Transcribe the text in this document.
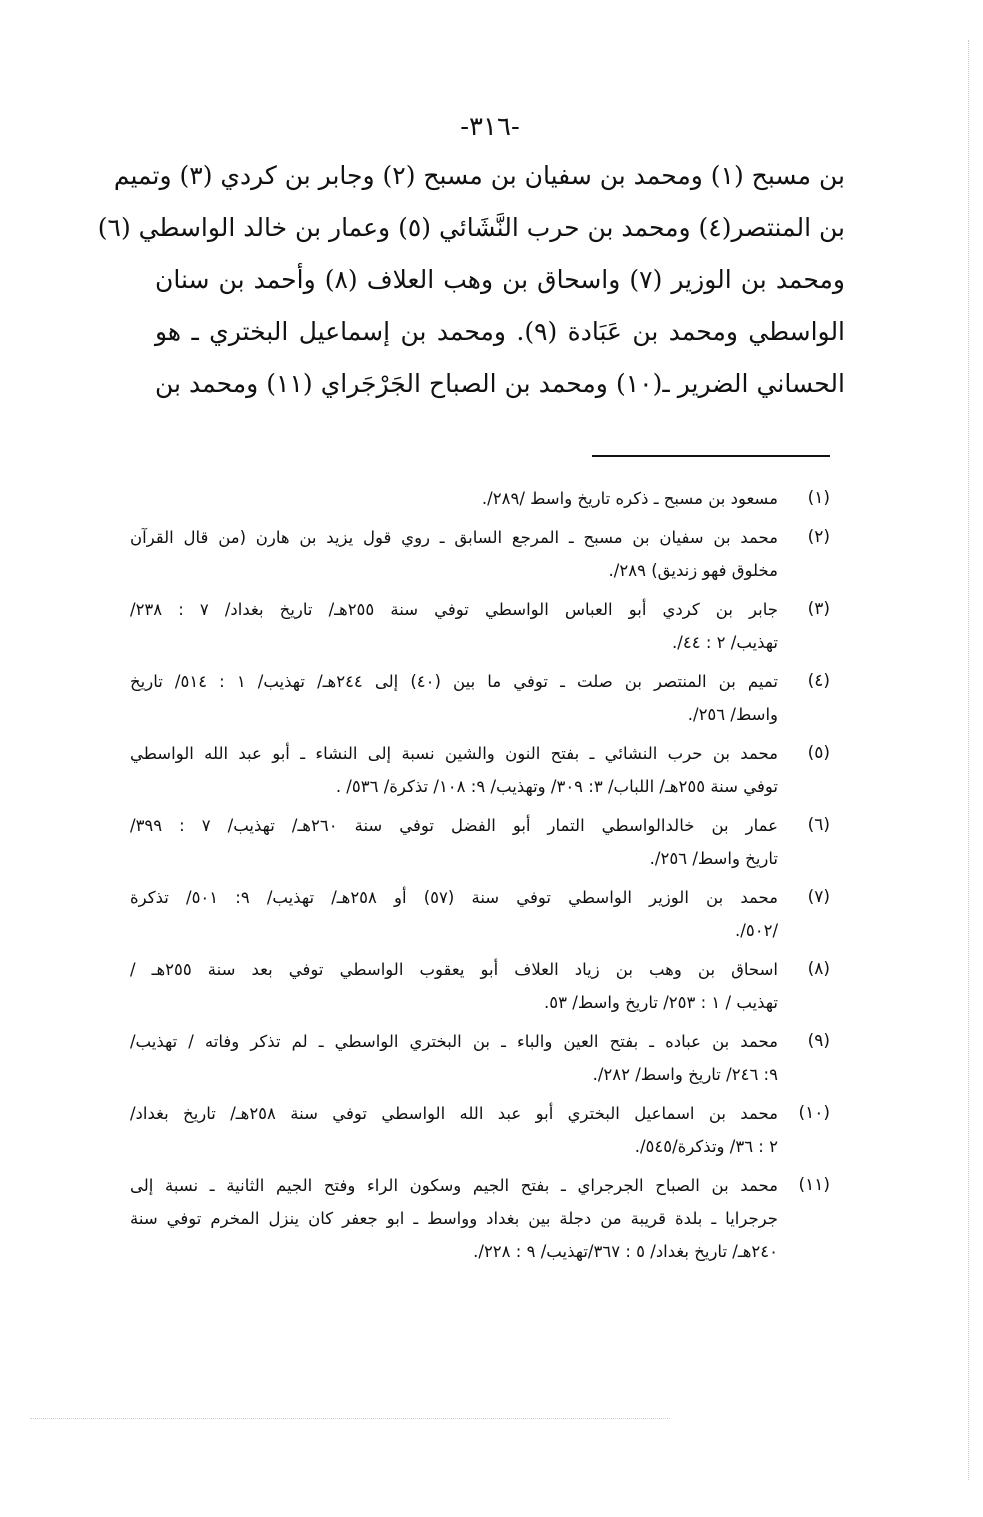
-٣١٦-
بن مسبح (١) ومحمد بن سفيان بن مسبح (٢) وجابر بن كردي (٣) وتميم
بن المنتصر(٤) ومحمد بن حرب النَّشَائي (٥) وعمار بن خالد الواسطي (٦)
ومحمد بن الوزير (٧) واسحاق بن وهب العلاف (٨) وأحمد بن سنان
الواسطي ومحمد بن عَبَادة (٩). ومحمد بن إسماعيل البختري ـ هو
الحساني الضرير ـ(١٠) ومحمد بن الصباح الجَرْجَراي (١١) ومحمد بن
(١)
مسعود بن مسبح ـ ذكره تاريخ واسط /٢٨٩/.
(٢)
محمد بن سفيان بن مسبح ـ المرجع السابق ـ روي قول يزيد بن هارن (من قال القرآن
مخلوق فهو زنديق) ٢٨٩/.
(٣)
جابر بن كردي أبو العباس الواسطي توفي سنة ٢٥٥هـ/ تاريخ بغداد/ ٧ : ٢٣٨/
تهذيب/ ٢ : ٤٤/.
(٤)
تميم بن المنتصر بن صلت ـ توفي ما بين (٤٠) إلى ٢٤٤هـ/ تهذيب/ ١ : ٥١٤/ تاريخ
واسط/ ٢٥٦/.
(٥)
محمد بن حرب النشائي ـ بفتح النون والشين نسبة إلى النشاء ـ أبو عبد الله الواسطي
توفي سنة ٢٥٥هـ/ اللباب/ ٣: ٣٠٩/ وتهذيب/ ٩: ١٠٨/ تذكرة/ ٥٣٦/ .
(٦)
عمار بن خالدالواسطي التمار أبو الفضل توفي سنة ٢٦٠هـ/ تهذيب/ ٧ : ٣٩٩/
تاريخ واسط/ ٢٥٦/.
(٧)
محمد بن الوزير الواسطي توفي سنة (٥٧) أو ٢٥٨هـ/ تهذيب/ ٩: ٥٠١/ تذكرة
/٥٠٢/.
(٨)
اسحاق بن وهب بن زياد العلاف أبو يعقوب الواسطي توفي بعد سنة ٢٥٥هـ /
تهذيب / ١ : ٢٥٣/ تاريخ واسط/ ٥٣.
(٩)
محمد بن عباده ـ بفتح العين والباء ـ بن البختري الواسطي ـ لم تذكر وفاته / تهذيب/
٩: ٢٤٦/ تاريخ واسط/ ٢٨٢/.
(١٠)
محمد بن اسماعيل البختري أبو عبد الله الواسطي توفي سنة ٢٥٨هـ/ تاريخ بغداد/
٢ : ٣٦/ وتذكرة/٥٤٥/.
(١١)
محمد بن الصباح الجرجراي ـ بفتح الجيم وسكون الراء وفتح الجيم الثانية ـ نسبة إلى
جرجرايا ـ بلدة قريبة من دجلة بين بغداد وواسط ـ ابو جعفر كان ينزل المخرم توفي سنة
٢٤٠هـ/ تاريخ بغداد/ ٥ : ٣٦٧/تهذيب/ ٩ : ٢٢٨/.
